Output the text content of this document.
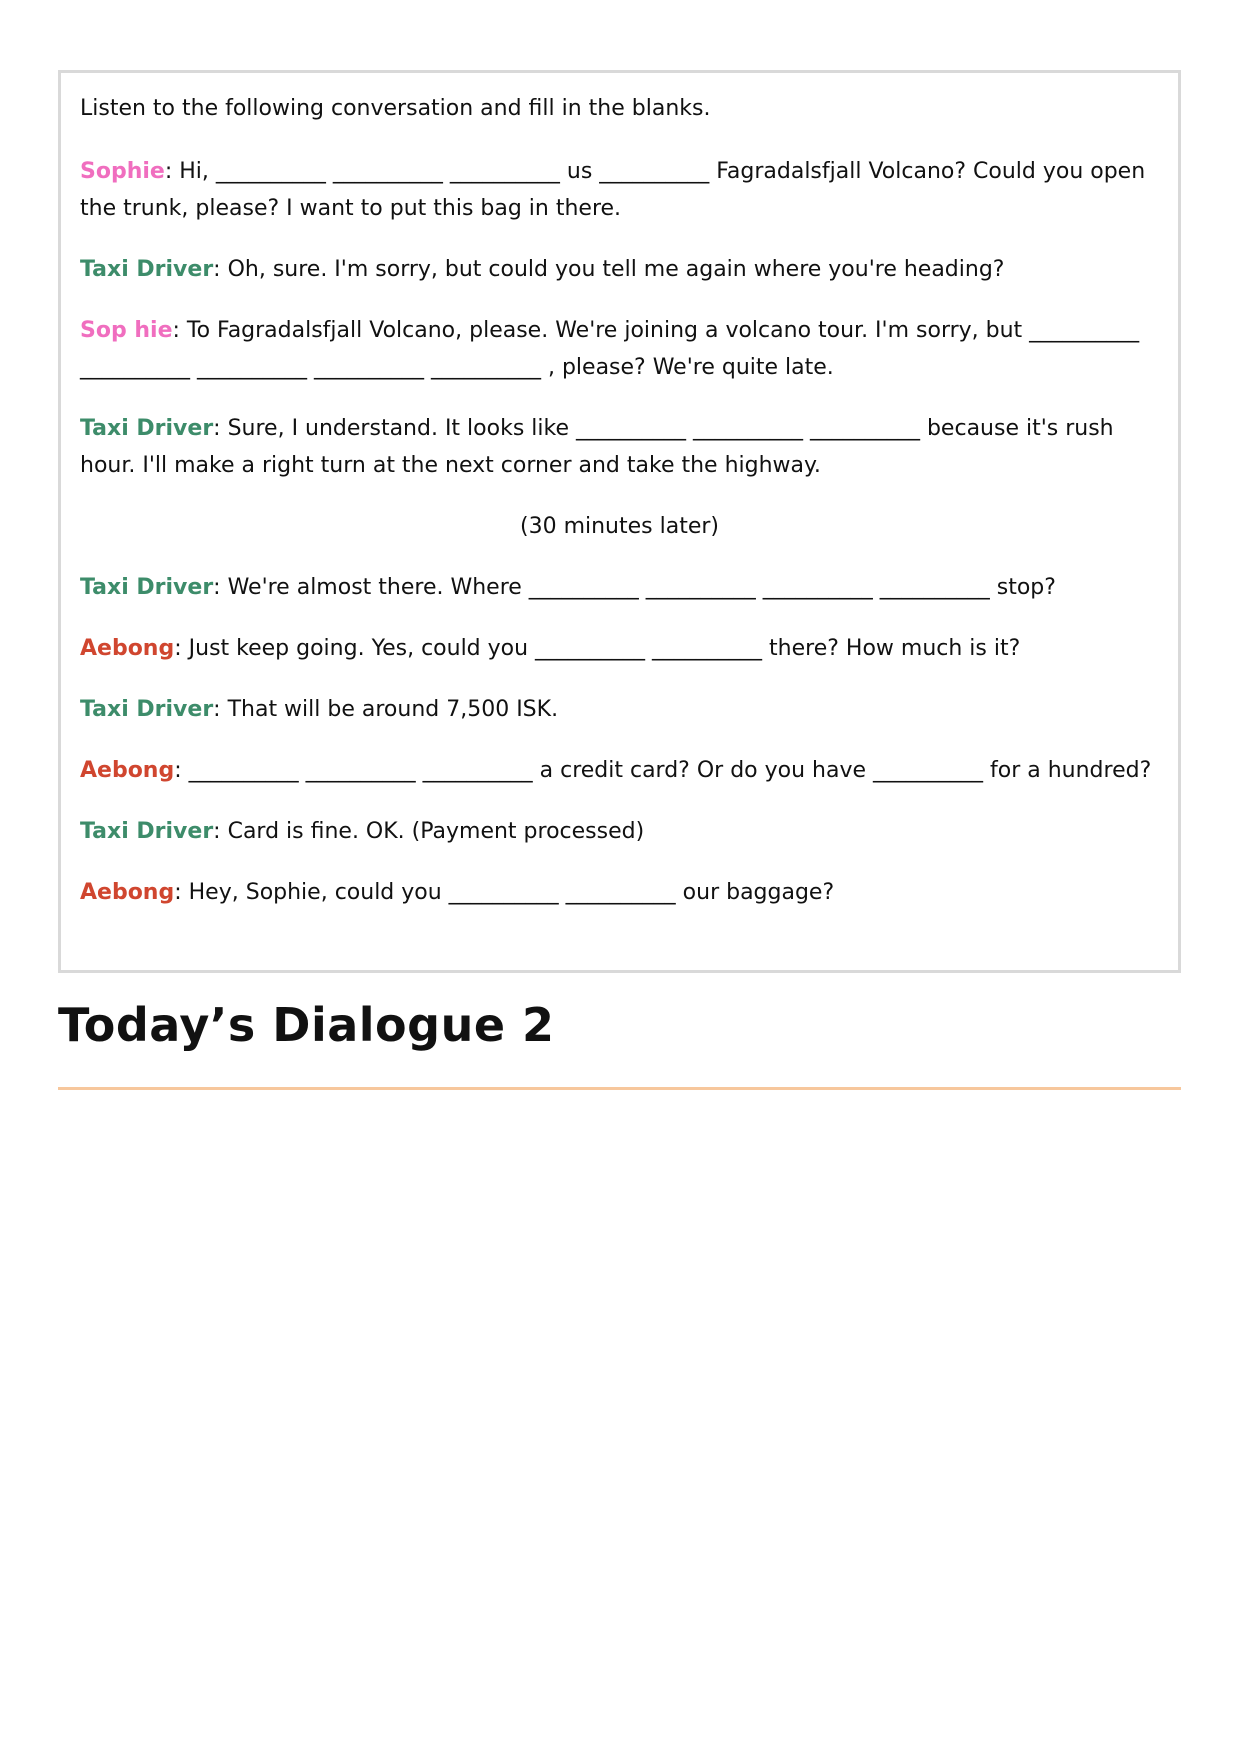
Listen to the following conversation and fill in the blanks.

Sophie: Hi, __________ __________ __________ us __________ Fagradalsfjall Volcano? Could you open the trunk, please? I want to put this bag in there.

Taxi Driver: Oh, sure. I'm sorry, but could you tell me again where you're heading?

Sop hie: To Fagradalsfjall Volcano, please. We're joining a volcano tour. I'm sorry, but __________ __________ __________ __________ __________ , please? We're quite late.

Taxi Driver: Sure, I understand. It looks like __________ __________ __________ because it's rush hour. I'll make a right turn at the next corner and take the highway.

(30 minutes later)

Taxi Driver: We're almost there. Where __________ __________ __________ __________ stop?

Aebong: Just keep going. Yes, could you __________ __________ there? How much is it?

Taxi Driver: That will be around 7,500 ISK.

Aebong: __________ __________ __________ a credit card? Or do you have __________ for a hundred?

Taxi Driver: Card is fine. OK. (Payment processed)

Aebong: Hey, Sophie, could you __________ __________ our baggage?

Today’s Dialogue 2
